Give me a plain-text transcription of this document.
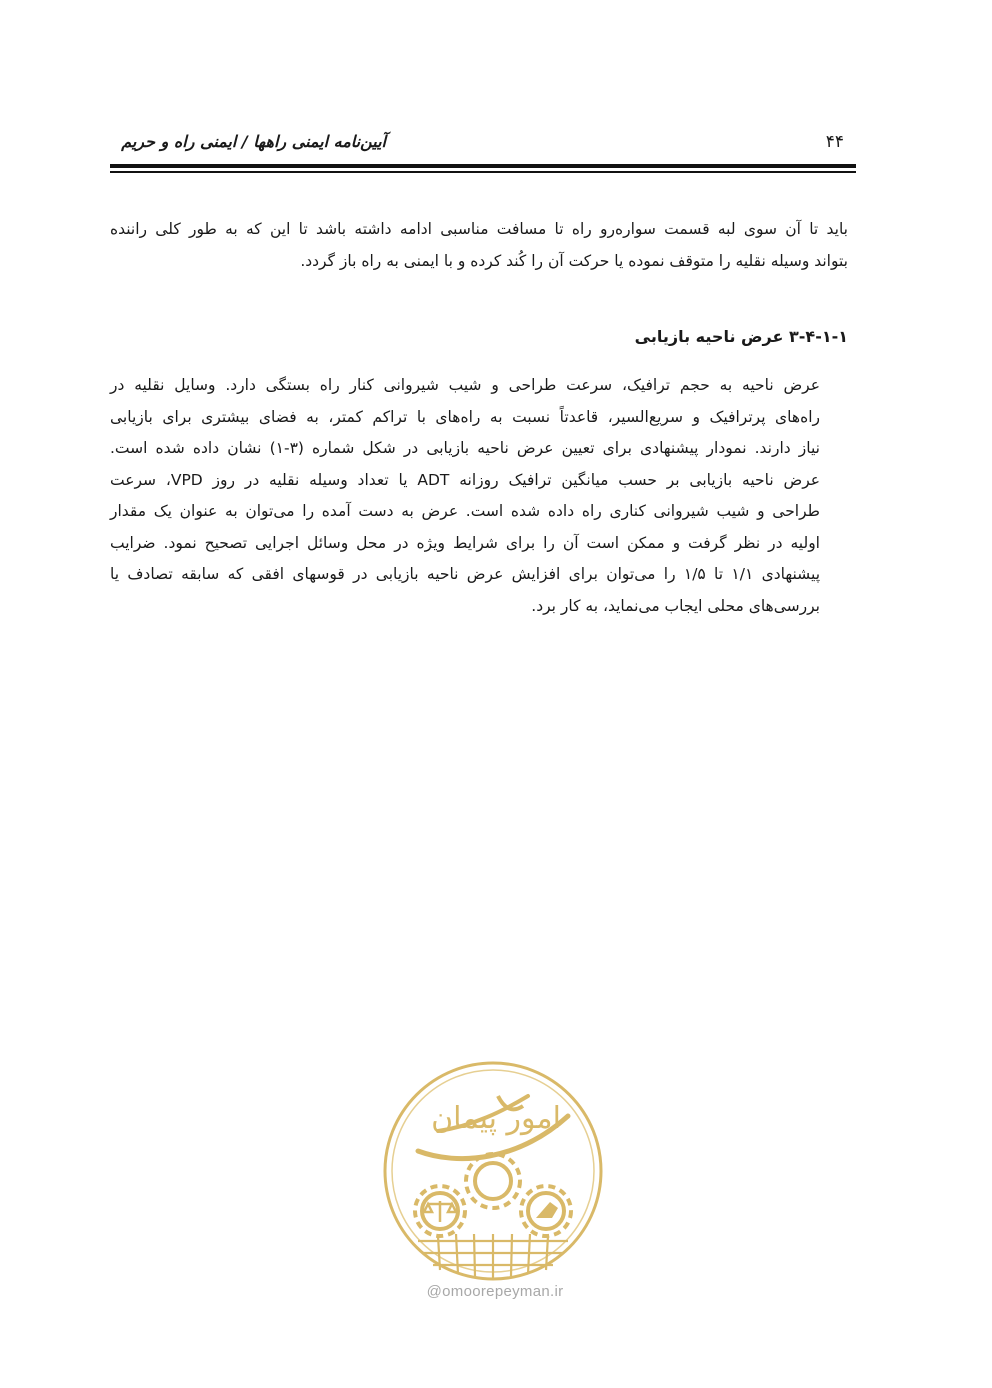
آیین‌نامه ایمنی راهها / ایمنی راه و حریم	۴۴
باید تا آن سوی لبه قسمت سواره‌رو راه تا مسافت مناسبی ادامه داشته باشد تا این که به طور کلی راننده
بتواند وسیله نقلیه را متوقف نموده یا حرکت آن را کُند کرده و با ایمنی به راه باز گردد.
۳-۴-۱-۱ عرض ناحیه بازیابی
عرض ناحیه به حجم ترافیک، سرعت طراحی و شیب شیروانی کنار راه بستگی دارد. وسایل نقلیه در
راه‌های پرترافیک و سریع‌السیر، قاعدتاً نسبت به راه‌های با تراکم کمتر، به فضای بیشتری برای بازیابی
نیاز دارند. نمودار پیشنهادی برای تعیین عرض ناحیه بازیابی در شکل شماره (۳-۱) نشان داده شده است.
عرض ناحیه بازیابی بر حسب میانگین ترافیک روزانه ADT یا تعداد وسیله نقلیه در روز VPD، سرعت
طراحی و شیب شیروانی کناری راه داده شده است. عرض به دست آمده را می‌توان به عنوان یک مقدار
اولیه در نظر گرفت و ممکن است آن را برای شرایط ویژه در محل وسائل اجرایی تصحیح نمود. ضرایب
پیشنهادی ۱/۱ تا ۱/۵ را می‌توان برای افزایش عرض ناحیه بازیابی در قوسهای افقی که سابقه تصادف یا
بررسی‌های محلی ایجاب می‌نماید، به کار برد.
امور پیمان
@omoorepeyman.ir
